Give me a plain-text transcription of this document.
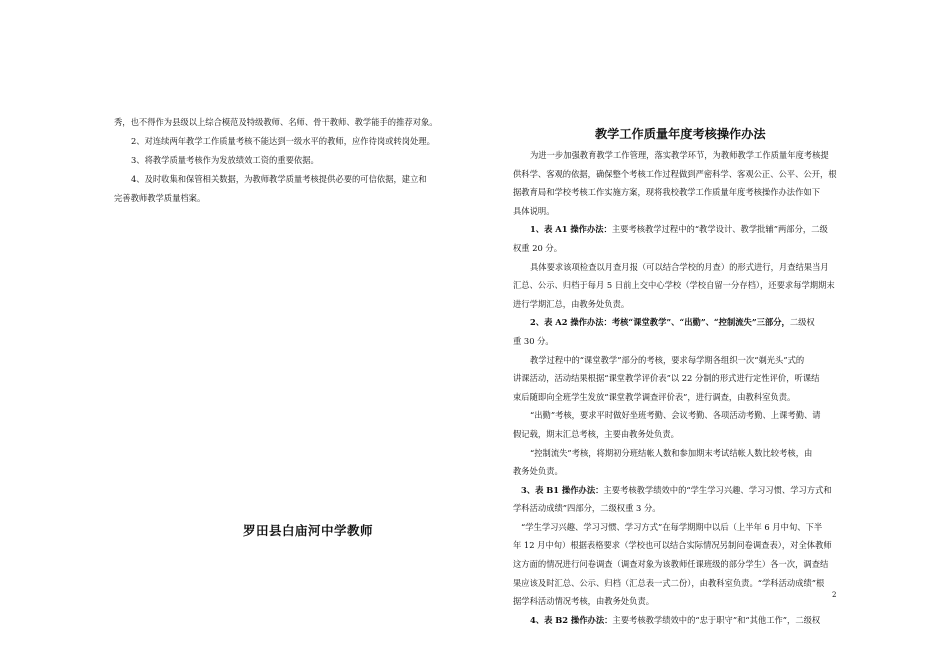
秀，也不得作为县级以上综合模范及特级教师、名师、骨干教师、教学能手的推荐对象。

2、对连续两年教学工作质量考核不能达到一级水平的教师，应作待岗或转岗处理。

3、将教学质量考核作为发放绩效工资的重要依据。

4、及时收集和保管相关数据，为教师教学质量考核提供必要的可信依据，建立和

完善教师教学质量档案。

罗田县白庙河中学教师
教学工作质量年度考核操作办法

为进一步加强教育教学工作管理，落实教学环节，为教师教学工作质量年度考核提

供科学、客观的依据，确保整个考核工作过程做到严密科学、客观公正、公平、公开，根

据教育局和学校考核工作实施方案，现将我校教学工作质量年度考核操作办法作如下

具体说明。

1、表 A1 操作办法：主要考核教学过程中的“教学设计、教学批辅”两部分，二级

权重 20 分。

具体要求该项检查以月查月报（可以结合学校的月查）的形式进行，月查结果当月

汇总、公示、归档于每月 5 日前上交中心学校（学校自留一分存档），还要求每学期期末

进行学期汇总，由教务处负责。

2、表 A2 操作办法：考核“课堂教学”、“出勤”、“控制流失”三部分，二级权

重 30 分。

教学过程中的“课堂教学”部分的考核，要求每学期各组织一次“剃光头”式的

讲课活动，活动结果根据“课堂教学评价表”以 22 分制的形式进行定性评价，听课结

束后随即向全班学生发放“课堂教学调查评价表”，进行调查，由教科室负责。

“出勤”考核，要求平时做好坐班考勤、会议考勤、各项活动考勤、上课考勤、请

假记载，期末汇总考核，主要由教务处负责。

“控制流失”考核，将期初分班结帐人数和参加期末考试结帐人数比较考核，由

教务处负责。

3、表 B1 操作办法：主要考核教学绩效中的“学生学习兴趣、学习习惯、学习方式和

学科活动成绩”四部分，二级权重 3 分。

“学生学习兴趣、学习习惯、学习方式”在每学期期中以后（上半年 6 月中旬、下半

年 12 月中旬）根据表格要求（学校也可以结合实际情况另制问卷调查表），对全体教师

这方面的情况进行问卷调查（调查对象为该教师任课班级的部分学生）各一次，调查结

果应该及时汇总、公示、归档（汇总表一式二份），由教科室负责。“学科活动成绩”根

据学科活动情况考核，由教务处负责。

4、表 B2 操作办法：主要考核教学绩效中的“忠于职守”和“其他工作”，二级权

2
